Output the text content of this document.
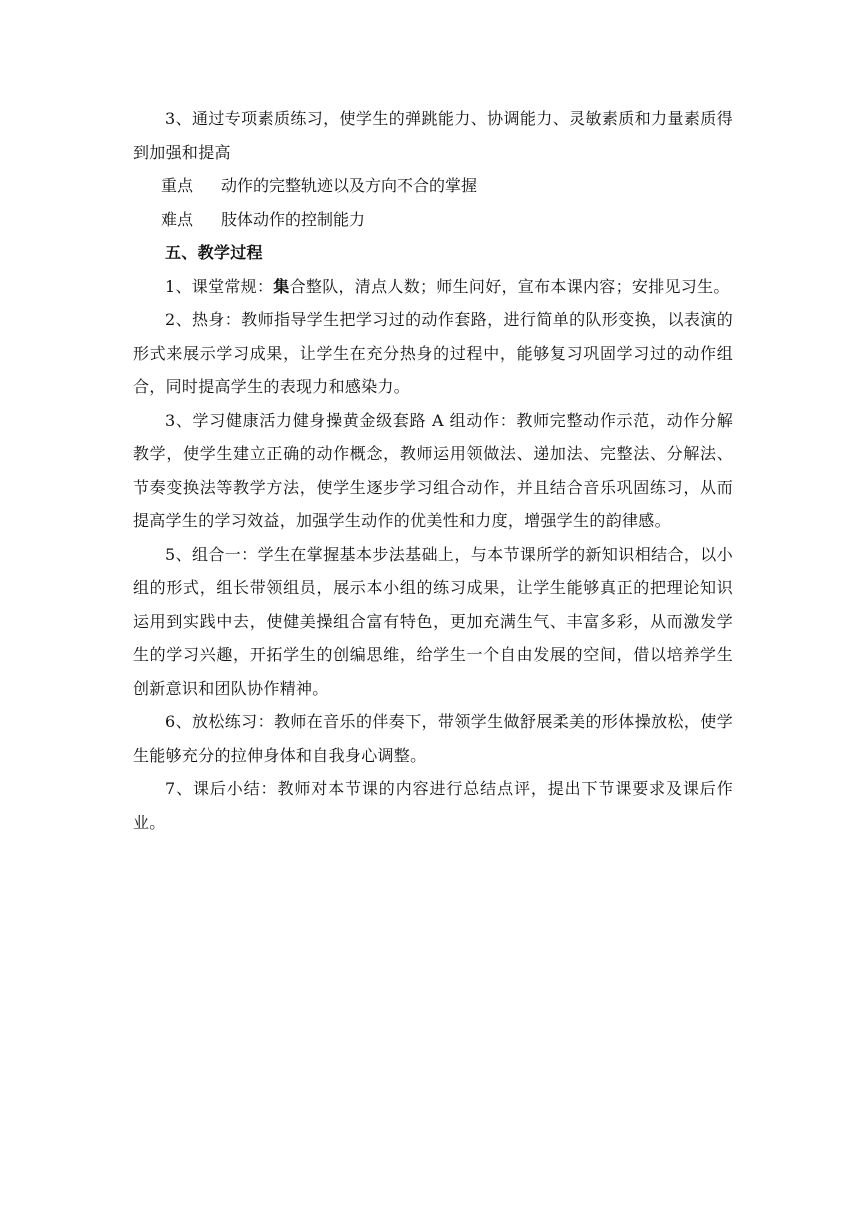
3、通过专项素质练习，使学生的弹跳能力、协调能力、灵敏素质和力量素质得到加强和提高

重点 动作的完整轨迹以及方向不合的掌握

难点 肢体动作的控制能力

五、教学过程

1、课堂常规：集合整队，清点人数；师生问好，宣布本课内容；安排见习生。

2、热身：教师指导学生把学习过的动作套路，进行简单的队形变换，以表演的形式来展示学习成果，让学生在充分热身的过程中，能够复习巩固学习过的动作组合，同时提高学生的表现力和感染力。

3、学习健康活力健身操黄金级套路 A 组动作：教师完整动作示范，动作分解教学，使学生建立正确的动作概念，教师运用领做法、递加法、完整法、分解法、节奏变换法等教学方法，使学生逐步学习组合动作，并且结合音乐巩固练习，从而提高学生的学习效益，加强学生动作的优美性和力度，增强学生的韵律感。

5、组合一：学生在掌握基本步法基础上，与本节课所学的新知识相结合，以小组的形式，组长带领组员，展示本小组的练习成果，让学生能够真正的把理论知识运用到实践中去，使健美操组合富有特色，更加充满生气、丰富多彩，从而激发学生的学习兴趣，开拓学生的创编思维，给学生一个自由发展的空间，借以培养学生创新意识和团队协作精神。

6、放松练习：教师在音乐的伴奏下，带领学生做舒展柔美的形体操放松，使学生能够充分的拉伸身体和自我身心调整。

7、课后小结：教师对本节课的内容进行总结点评，提出下节课要求及课后作业。
